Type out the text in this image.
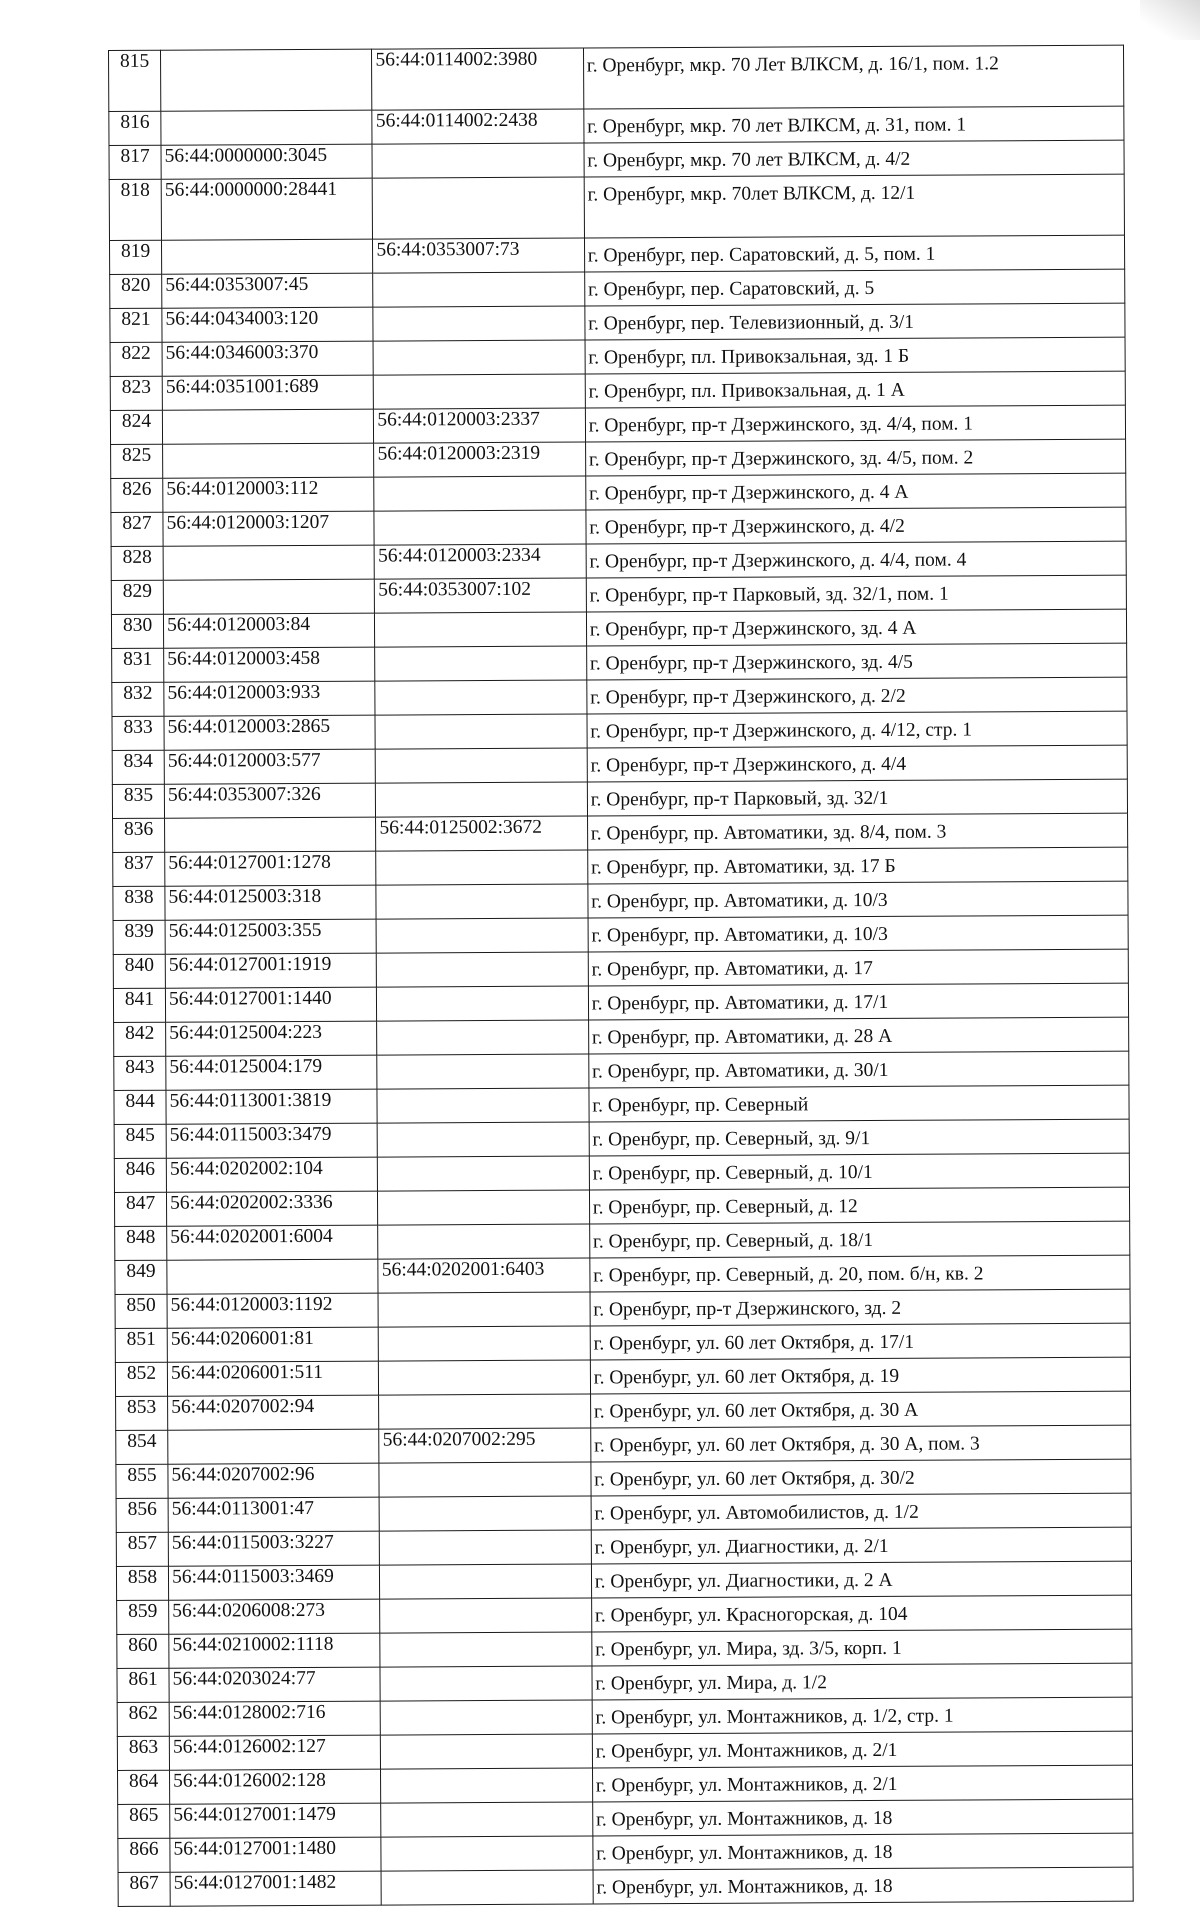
815		56:44:0114002:3980	г. Оренбург, мкр. 70 Лет ВЛКСМ, д. 16/1, пом. 1.2
816		56:44:0114002:2438	г. Оренбург, мкр. 70 лет ВЛКСМ, д. 31, пом. 1
817	56:44:0000000:3045		г. Оренбург, мкр. 70 лет ВЛКСМ, д. 4/2
818	56:44:0000000:28441		г. Оренбург, мкр. 70лет ВЛКСМ, д. 12/1
819		56:44:0353007:73	г. Оренбург, пер. Саратовский, д. 5, пом. 1
820	56:44:0353007:45		г. Оренбург, пер. Саратовский, д. 5
821	56:44:0434003:120		г. Оренбург, пер. Телевизионный, д. 3/1
822	56:44:0346003:370		г. Оренбург, пл. Привокзальная, зд. 1 Б
823	56:44:0351001:689		г. Оренбург, пл. Привокзальная, д. 1 А
824		56:44:0120003:2337	г. Оренбург, пр-т Дзержинского, зд. 4/4, пом. 1
825		56:44:0120003:2319	г. Оренбург, пр-т Дзержинского, зд. 4/5, пом. 2
826	56:44:0120003:112		г. Оренбург, пр-т Дзержинского, д. 4 А
827	56:44:0120003:1207		г. Оренбург, пр-т Дзержинского, д. 4/2
828		56:44:0120003:2334	г. Оренбург, пр-т Дзержинского, д. 4/4, пом. 4
829		56:44:0353007:102	г. Оренбург, пр-т Парковый, зд. 32/1, пом. 1
830	56:44:0120003:84		г. Оренбург, пр-т Дзержинского, зд. 4 А
831	56:44:0120003:458		г. Оренбург, пр-т Дзержинского, зд. 4/5
832	56:44:0120003:933		г. Оренбург, пр-т Дзержинского, д. 2/2
833	56:44:0120003:2865		г. Оренбург, пр-т Дзержинского, д. 4/12, стр. 1
834	56:44:0120003:577		г. Оренбург, пр-т Дзержинского, д. 4/4
835	56:44:0353007:326		г. Оренбург, пр-т Парковый, зд. 32/1
836		56:44:0125002:3672	г. Оренбург, пр. Автоматики, зд. 8/4, пом. 3
837	56:44:0127001:1278		г. Оренбург, пр. Автоматики, зд. 17 Б
838	56:44:0125003:318		г. Оренбург, пр. Автоматики, д. 10/3
839	56:44:0125003:355		г. Оренбург, пр. Автоматики, д. 10/3
840	56:44:0127001:1919		г. Оренбург, пр. Автоматики, д. 17
841	56:44:0127001:1440		г. Оренбург, пр. Автоматики, д. 17/1
842	56:44:0125004:223		г. Оренбург, пр. Автоматики, д. 28 А
843	56:44:0125004:179		г. Оренбург, пр. Автоматики, д. 30/1
844	56:44:0113001:3819		г. Оренбург, пр. Северный
845	56:44:0115003:3479		г. Оренбург, пр. Северный, зд. 9/1
846	56:44:0202002:104		г. Оренбург, пр. Северный, д. 10/1
847	56:44:0202002:3336		г. Оренбург, пр. Северный, д. 12
848	56:44:0202001:6004		г. Оренбург, пр. Северный, д. 18/1
849		56:44:0202001:6403	г. Оренбург, пр. Северный, д. 20, пом. б/н, кв. 2
850	56:44:0120003:1192		г. Оренбург, пр-т Дзержинского, зд. 2
851	56:44:0206001:81		г. Оренбург, ул. 60 лет Октября, д. 17/1
852	56:44:0206001:511		г. Оренбург, ул. 60 лет Октября, д. 19
853	56:44:0207002:94		г. Оренбург, ул. 60 лет Октября, д. 30 А
854		56:44:0207002:295	г. Оренбург, ул. 60 лет Октября, д. 30 А, пом. 3
855	56:44:0207002:96		г. Оренбург, ул. 60 лет Октября, д. 30/2
856	56:44:0113001:47		г. Оренбург, ул. Автомобилистов, д. 1/2
857	56:44:0115003:3227		г. Оренбург, ул. Диагностики, д. 2/1
858	56:44:0115003:3469		г. Оренбург, ул. Диагностики, д. 2 А
859	56:44:0206008:273		г. Оренбург, ул. Красногорская, д. 104
860	56:44:0210002:1118		г. Оренбург, ул. Мира, зд. 3/5, корп. 1
861	56:44:0203024:77		г. Оренбург, ул. Мира, д. 1/2
862	56:44:0128002:716		г. Оренбург, ул. Монтажников, д. 1/2, стр. 1
863	56:44:0126002:127		г. Оренбург, ул. Монтажников, д. 2/1
864	56:44:0126002:128		г. Оренбург, ул. Монтажников, д. 2/1
865	56:44:0127001:1479		г. Оренбург, ул. Монтажников, д. 18
866	56:44:0127001:1480		г. Оренбург, ул. Монтажников, д. 18
867	56:44:0127001:1482		г. Оренбург, ул. Монтажников, д. 18
